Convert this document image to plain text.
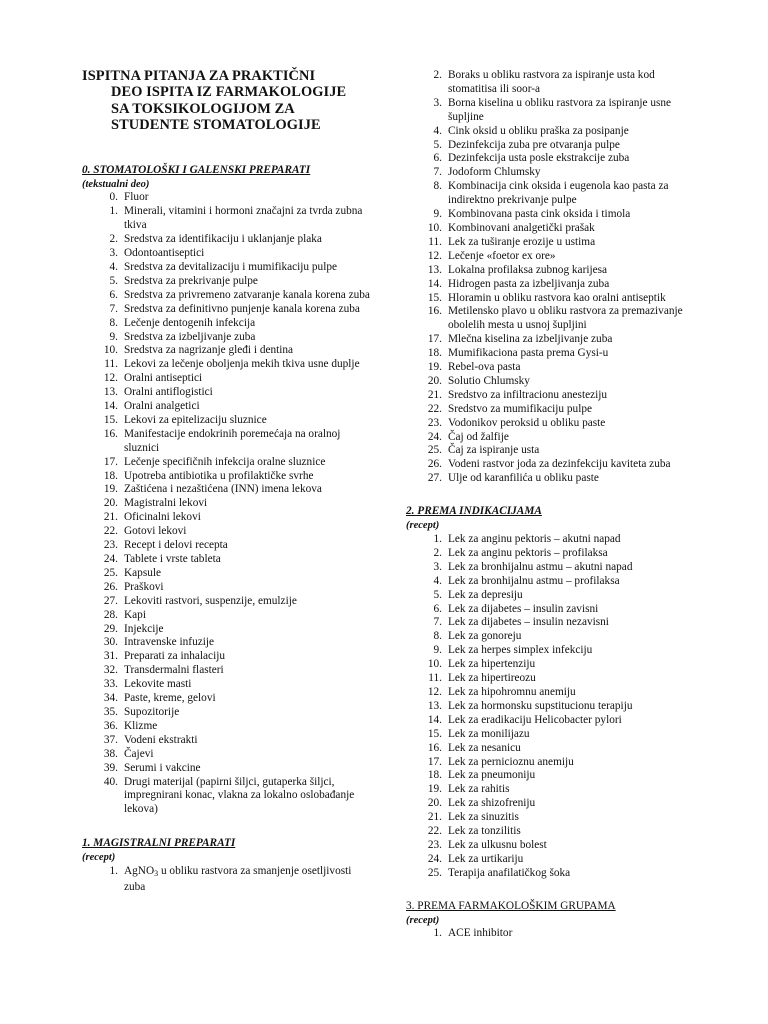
ISPITNA PITANJA ZA PRAKTIČNI
DEO ISPITA IZ FARMAKOLOGIJE
SA TOKSIKOLOGIJOM ZA
STUDENTE STOMATOLOGIJE

0. STOMATOLOŠKI I GALENSKI PREPARATI

(tekstualni deo)

0. Fluor
1. Minerali, vitamini i hormoni značajni za tvrda zubna tkiva
2. Sredstva za identifikaciju i uklanjanje plaka
3. Odontoantiseptici
4. Sredstva za devitalizaciju i mumifikaciju pulpe
5. Sredstva za prekrivanje pulpe
6. Sredstva za privremeno zatvaranje kanala korena zuba
7. Sredstva za definitivno punjenje kanala korena zuba
8. Lečenje dentogenih infekcija
9. Sredstva za izbeljivanje zuba
10. Sredstva za nagrizanje gleđi i dentina
11. Lekovi za lečenje oboljenja mekih tkiva usne duplje
12. Oralni antiseptici
13. Oralni antiflogistici
14. Oralni analgetici
15. Lekovi za epitelizaciju sluznice
16. Manifestacije endokrinih poremećaja na oralnoj sluznici
17. Lečenje specifičnih infekcija oralne sluznice
18. Upotreba antibiotika u profilaktičke svrhe
19. Zaštićena i nezaštićena (INN) imena lekova
20. Magistralni lekovi
21. Oficinalni lekovi
22. Gotovi lekovi
23. Recept i delovi recepta
24. Tablete i vrste tableta
25. Kapsule
26. Praškovi
27. Lekoviti rastvori, suspenzije, emulzije
28. Kapi
29. Injekcije
30. Intravenske infuzije
31. Preparati za inhalaciju
32. Transdermalni flasteri
33. Lekovite masti
34. Paste, kreme, gelovi
35. Supozitorije
36. Klizme
37. Vodeni ekstrakti
38. Čajevi
39. Serumi i vakcine
40. Drugi materijal (papirni šiljci, gutaperka šiljci, impregnirani konac, vlakna za lokalno oslobađanje lekova)

1. MAGISTRALNI PREPARATI

(recept)

1. AgNO$_3$ u obliku rastvora za smanjenje osetljivosti zuba
2. Boraks u obliku rastvora za ispiranje usta kod stomatitisa ili soor-a
3. Borna kiselina u obliku rastvora za ispiranje usne šupljine
4. Cink oksid u obliku praška za posipanje
5. Dezinfekcija zuba pre otvaranja pulpe
6. Dezinfekcija usta posle ekstrakcije zuba
7. Jodoform Chlumsky
8. Kombinacija cink oksida i eugenola kao pasta za indirektno prekrivanje pulpe
9. Kombinovana pasta cink oksida i timola
10. Kombinovani analgetički prašak
11. Lek za tuširanje erozije u ustima
12. Lečenje «foetor ex ore»
13. Lokalna profilaksa zubnog karijesa
14. Hidrogen pasta za izbeljivanja zuba
15. Hloramin u obliku rastvora kao oralni antiseptik
16. Metilensko plavo u obliku rastvora za premazivanje obolelih mesta u usnoj šupljini
17. Mlečna kiselina za izbeljivanje zuba
18. Mumifikaciona pasta prema Gysi-u
19. Rebel-ova pasta
20. Solutio Chlumsky
21. Sredstvo za infiltracionu anesteziju
22. Sredstvo za mumifikaciju pulpe
23. Vodonikov peroksid u obliku paste
24. Čaj od žalfije
25. Čaj za ispiranje usta
26. Vodeni rastvor joda za dezinfekciju kaviteta zuba
27. Ulje od karanfilića u obliku paste

2. PREMA INDIKACIJAMA

(recept)

1. Lek za anginu pektoris – akutni napad
2. Lek za anginu pektoris – profilaksa
3. Lek za bronhijalnu astmu – akutni napad
4. Lek za bronhijalnu astmu – profilaksa
5. Lek za depresiju
6. Lek za dijabetes – insulin zavisni
7. Lek za dijabetes – insulin nezavisni
8. Lek za gonoreju
9. Lek za herpes simplex infekciju
10. Lek za hipertenziju
11. Lek za hipertireozu
12. Lek za hipohromnu anemiju
13. Lek za hormonsku supstitucionu terapiju
14. Lek za eradikaciju Helicobacter pylori
15. Lek za monilijazu
16. Lek za nesanicu
17. Lek za pernicioznu anemiju
18. Lek za pneumoniju
19. Lek za rahitis
20. Lek za shizofreniju
21. Lek za sinuzitis
22. Lek za tonzilitis
23. Lek za ulkusnu bolest
24. Lek za urtikariju
25. Terapija anafilatičkog šoka

3. PREMA FARMAKOLOŠKIM GRUPAMA

(recept)

1. ACE inhibitor
